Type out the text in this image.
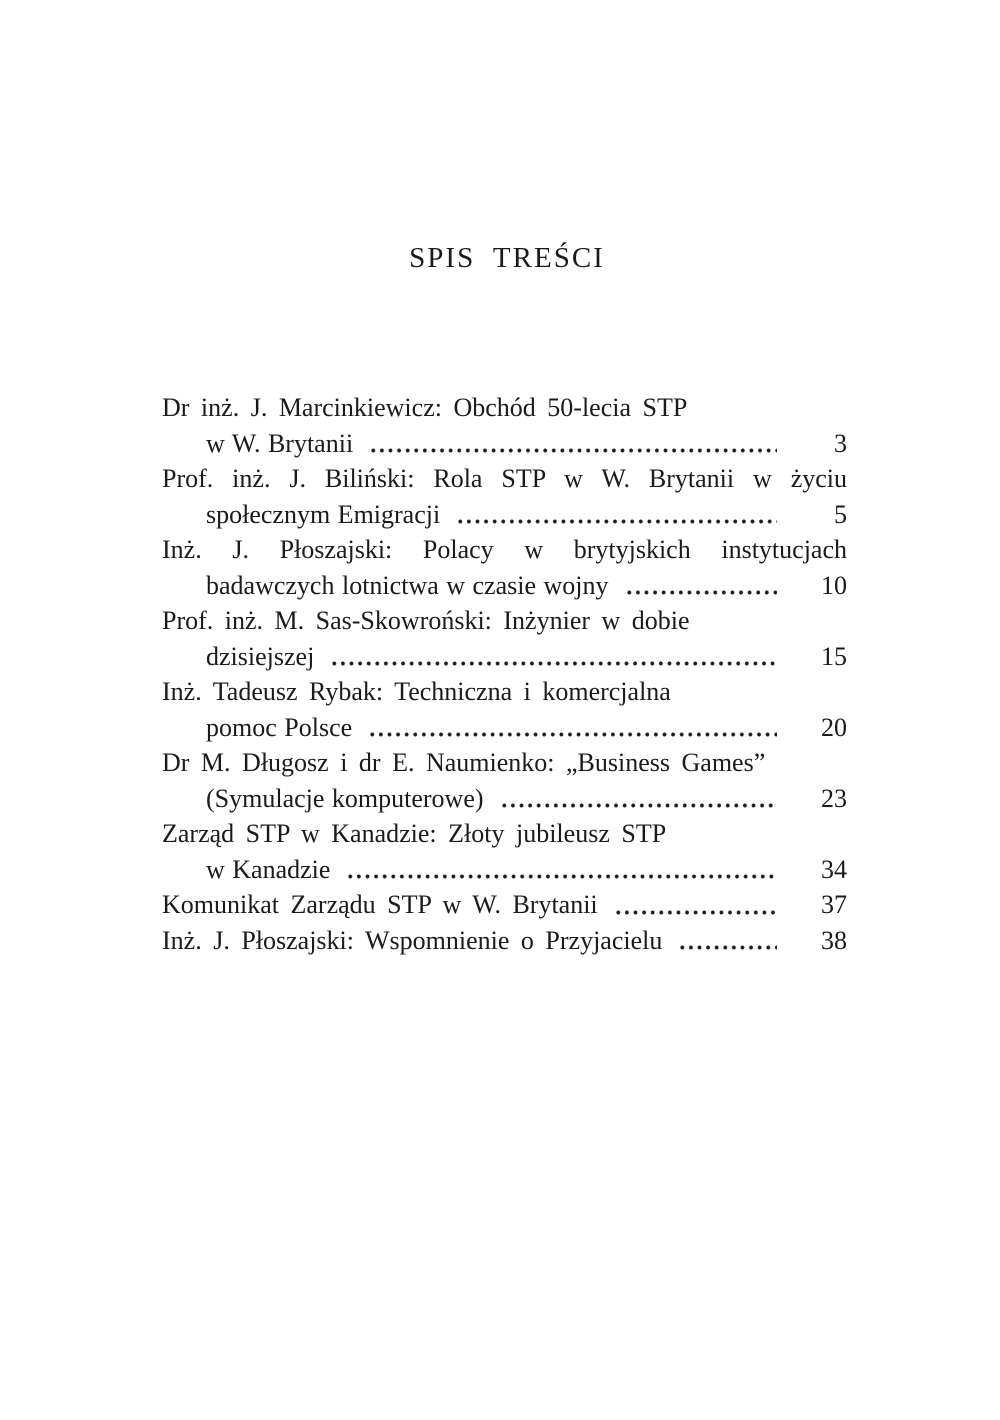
SPIS TREŚCI
Dr inż. J. Marcinkiewicz: Obchód 50-lecia STP
w W. Brytanii	3
Prof. inż. J. Biliński: Rola STP w W. Brytanii w życiu
społecznym Emigracji	5
Inż. J. Płoszajski: Polacy w brytyjskich instytucjach
badawczych lotnictwa w czasie wojny	10
Prof. inż. M. Sas-Skowroński: Inżynier w dobie
dzisiejszej	15
Inż. Tadeusz Rybak: Techniczna i komercjalna
pomoc Polsce	20
Dr M. Długosz i dr E. Naumienko: „Business Games”
(Symulacje komputerowe)	23
Zarząd STP w Kanadzie: Złoty jubileusz STP
w Kanadzie	34
Komunikat Zarządu STP w W. Brytanii	37
Inż. J. Płoszajski: Wspomnienie o Przyjacielu	38
